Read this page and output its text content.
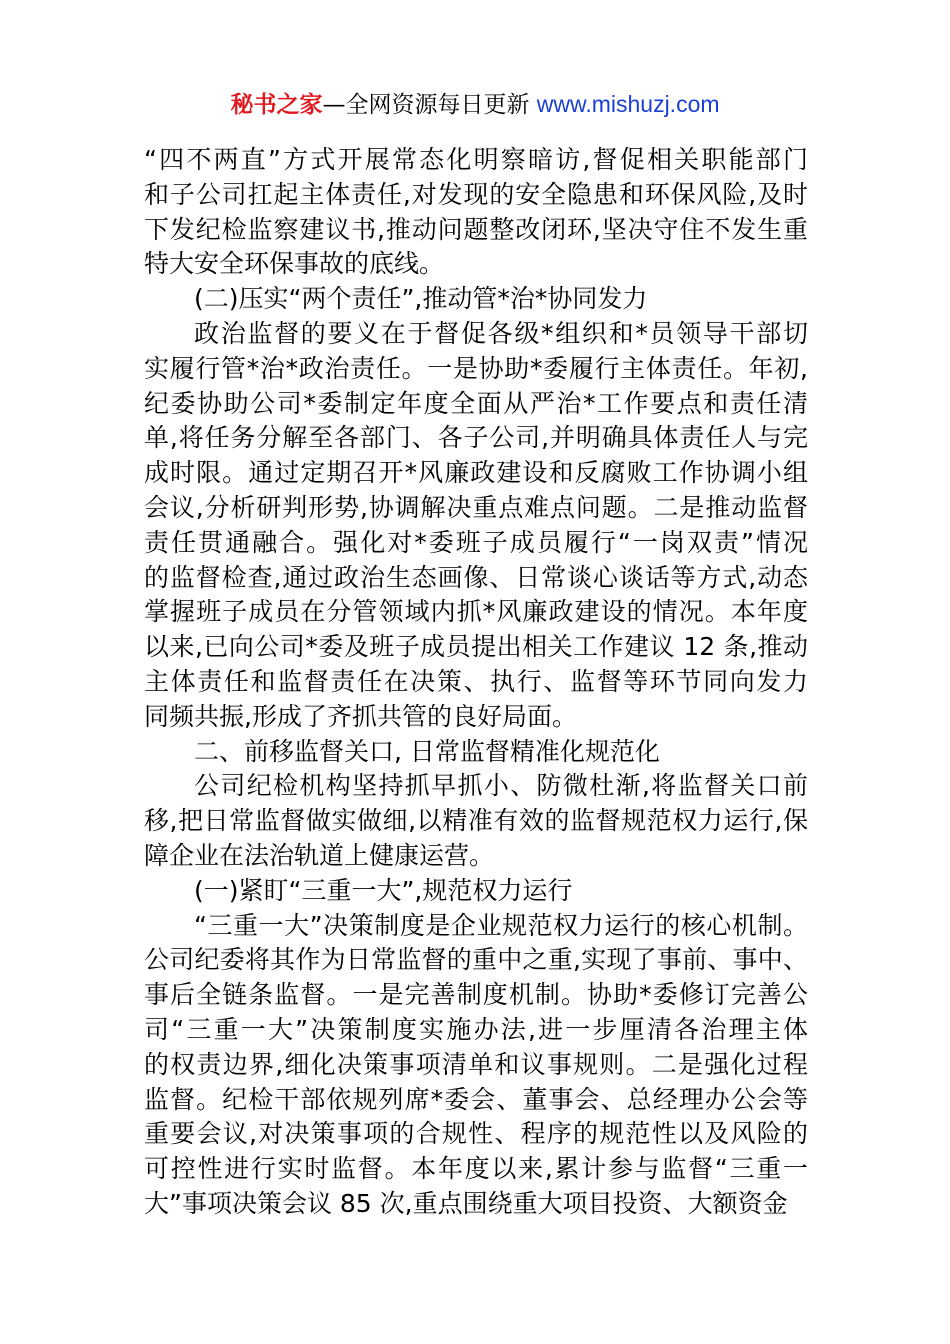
秘书之家—全网资源每日更新 www.mishuzj.com
“四不两直”方式开展常态化明察暗访,督促相关职能部门
和子公司扛起主体责任,对发现的安全隐患和环保风险,及时
下发纪检监察建议书,推动问题整改闭环,坚决守住不发生重
特大安全环保事故的底线。
(二)压实“两个责任”,推动管*治*协同发力
政治监督的要义在于督促各级*组织和*员领导干部切
实履行管*治*政治责任。一是协助*委履行主体责任。年初,
纪委协助公司*委制定年度全面从严治*工作要点和责任清
单,将任务分解至各部门、各子公司,并明确具体责任人与完
成时限。通过定期召开*风廉政建设和反腐败工作协调小组
会议,分析研判形势,协调解决重点难点问题。二是推动监督
责任贯通融合。强化对*委班子成员履行“一岗双责”情况
的监督检查,通过政治生态画像、日常谈心谈话等方式,动态
掌握班子成员在分管领域内抓*风廉政建设的情况。本年度
以来,已向公司*委及班子成员提出相关工作建议 12 条,推动
主体责任和监督责任在决策、执行、监督等环节同向发力
同频共振,形成了齐抓共管的良好局面。
二、前移监督关口, 日常监督精准化规范化
公司纪检机构坚持抓早抓小、防微杜渐,将监督关口前
移,把日常监督做实做细,以精准有效的监督规范权力运行,保
障企业在法治轨道上健康运营。
(一)紧盯“三重一大”,规范权力运行
“三重一大”决策制度是企业规范权力运行的核心机制。
公司纪委将其作为日常监督的重中之重,实现了事前、事中、
事后全链条监督。一是完善制度机制。协助*委修订完善公
司“三重一大”决策制度实施办法,进一步厘清各治理主体
的权责边界,细化决策事项清单和议事规则。二是强化过程
监督。纪检干部依规列席*委会、董事会、总经理办公会等
重要会议,对决策事项的合规性、程序的规范性以及风险的
可控性进行实时监督。本年度以来,累计参与监督“三重一
大”事项决策会议 85 次,重点围绕重大项目投资、大额资金
